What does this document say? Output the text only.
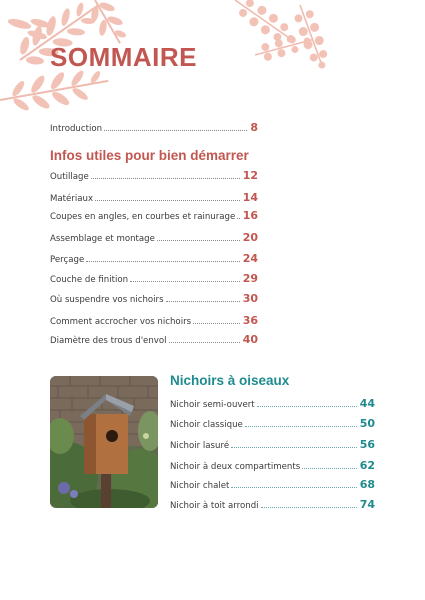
SOMMAIRE
Introduction	8
Infos utiles pour bien démarrer
Outillage	12
Matériaux	14
Coupes en angles, en courbes et rainurage 16
Assemblage et montage	20
Perçage	24
Couche de finition	29
Où suspendre vos nichoirs	30
Comment accrocher vos nichoirs	36
Diamètre des trous d'envol	40
Nichoirs à oiseaux
Nichoir semi-ouvert	44
Nichoir classique	50
Nichoir lasuré	56
Nichoir à deux compartiments	62
Nichoir chalet	68
Nichoir à toit arrondi	74
